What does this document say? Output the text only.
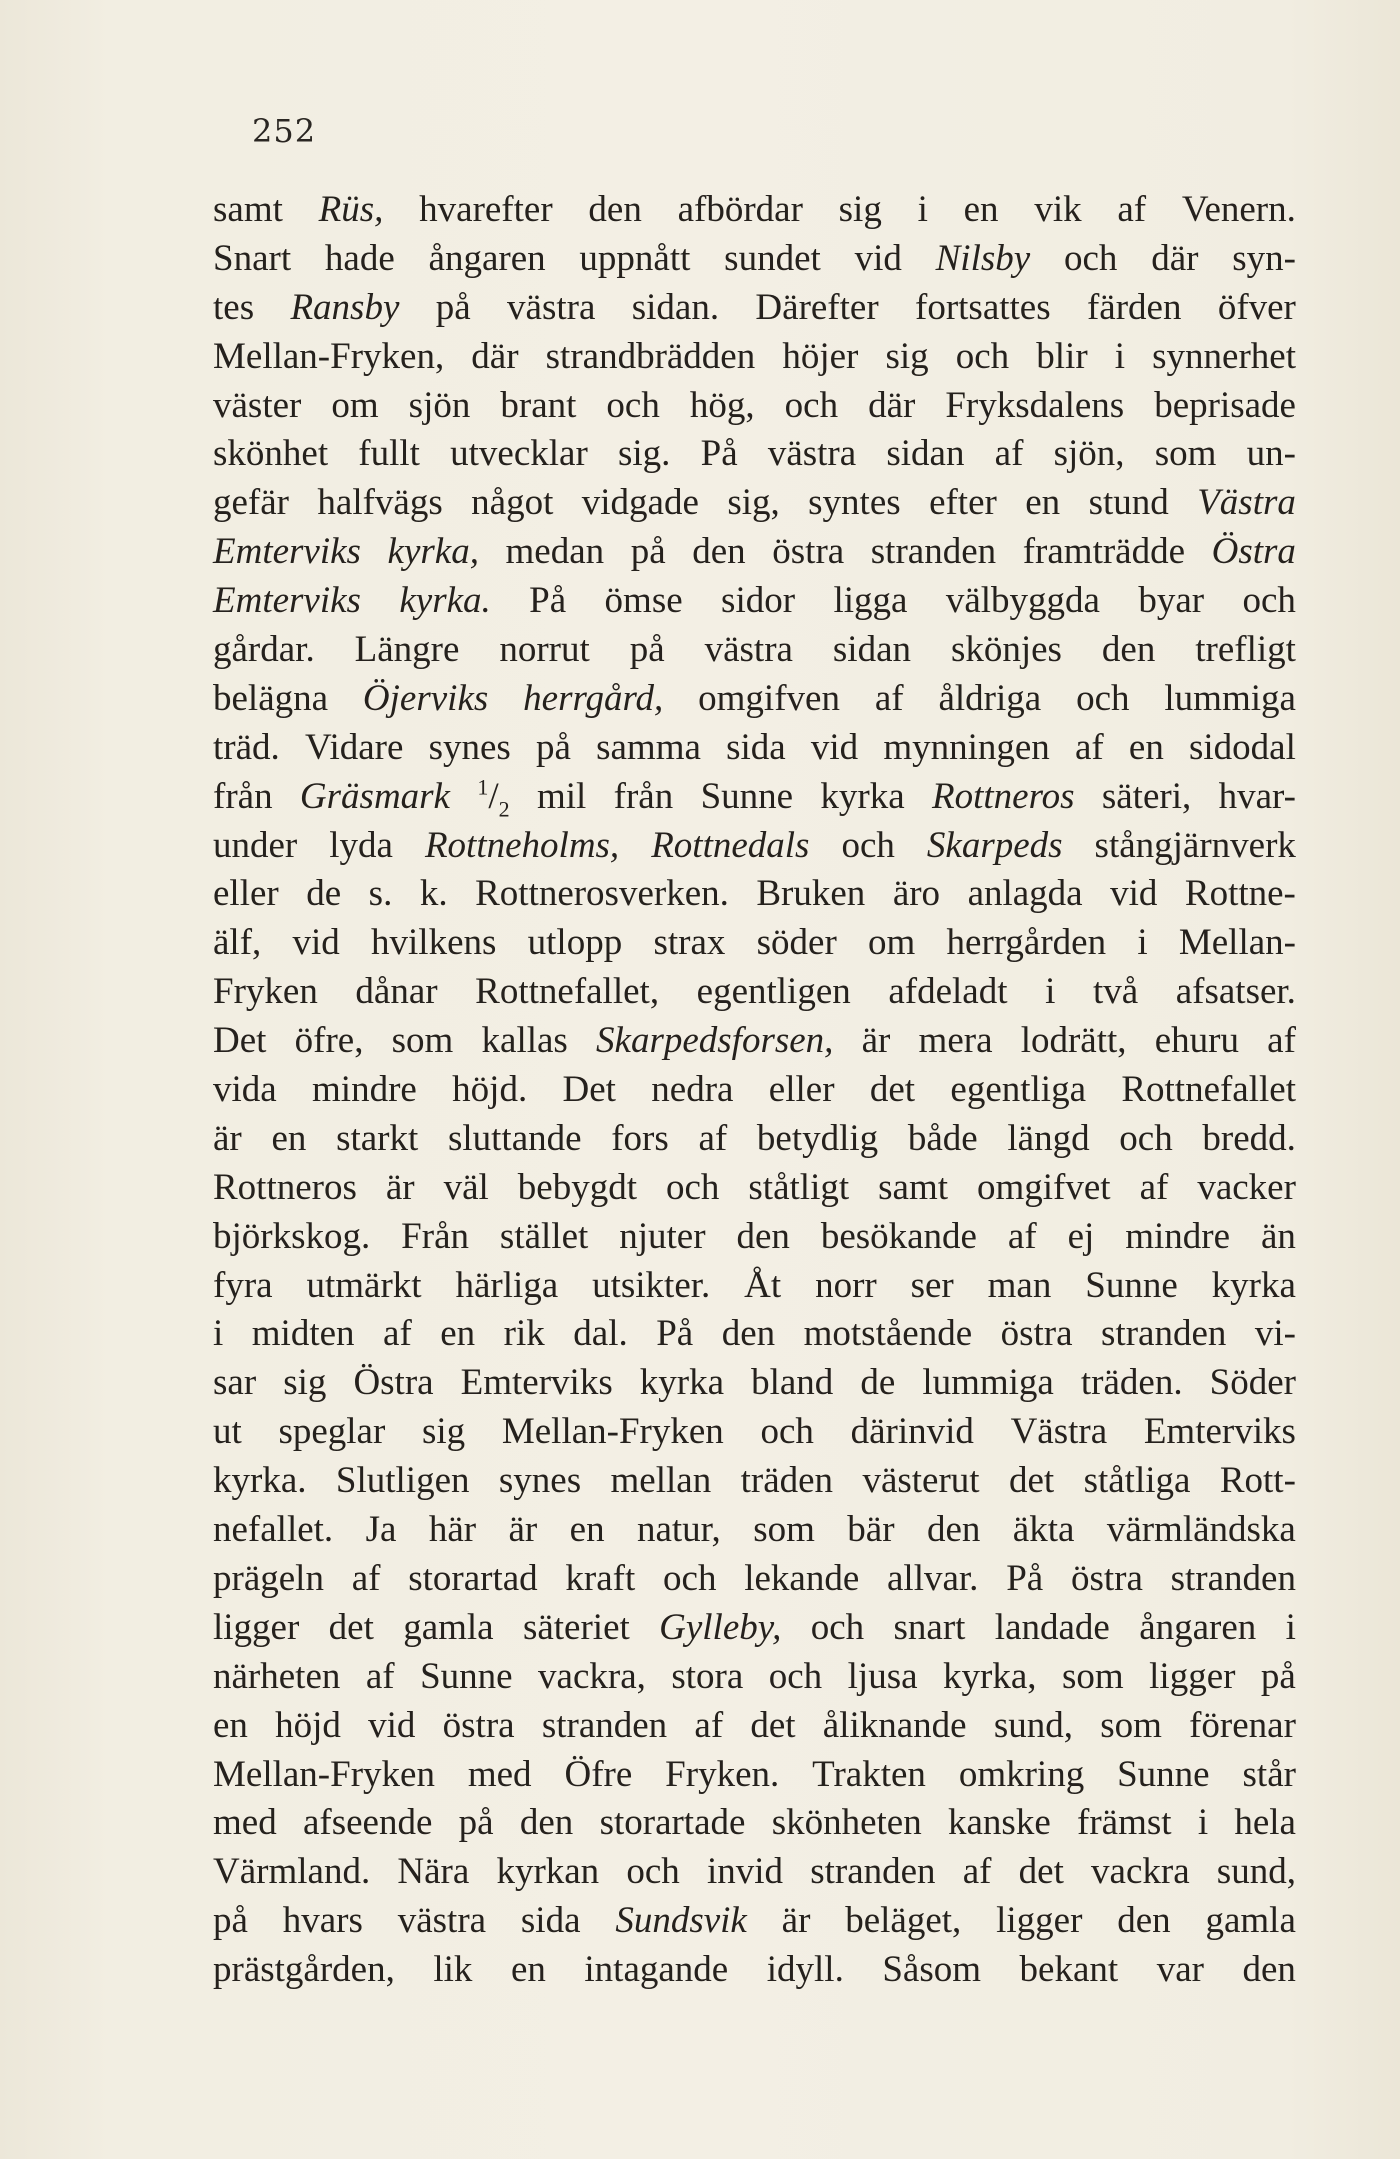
252
samt Rüs, hvarefter den afbördar sig i en vik af Venern.
Snart hade ångaren uppnått sundet vid Nilsby och där syn-
tes Ransby på västra sidan. Därefter fortsattes färden öfver
Mellan-Fryken, där strandbrädden höjer sig och blir i synnerhet
väster om sjön brant och hög, och där Fryksdalens beprisade
skönhet fullt utvecklar sig. På västra sidan af sjön, som un-
gefär halfvägs något vidgade sig, syntes efter en stund Västra
Emterviks kyrka, medan på den östra stranden framträdde Östra
Emterviks kyrka. På ömse sidor ligga välbyggda byar och
gårdar. Längre norrut på västra sidan skönjes den trefligt
belägna Öjerviks herrgård, omgifven af åldriga och lummiga
träd. Vidare synes på samma sida vid mynningen af en sidodal
från Gräsmark $^1/_2$ mil från Sunne kyrka Rottneros säteri, hvar-
under lyda Rottneholms, Rottnedals och Skarpeds stångjärnverk
eller de s. k. Rottnerosverken. Bruken äro anlagda vid Rottne-
älf, vid hvilkens utlopp strax söder om herrgården i Mellan-
Fryken dånar Rottnefallet, egentligen afdeladt i två afsatser.
Det öfre, som kallas Skarpedsforsen, är mera lodrätt, ehuru af
vida mindre höjd. Det nedra eller det egentliga Rottnefallet
är en starkt sluttande fors af betydlig både längd och bredd.
Rottneros är väl bebygdt och ståtligt samt omgifvet af vacker
björkskog. Från stället njuter den besökande af ej mindre än
fyra utmärkt härliga utsikter. Åt norr ser man Sunne kyrka
i midten af en rik dal. På den motstående östra stranden vi-
sar sig Östra Emterviks kyrka bland de lummiga träden. Söder
ut speglar sig Mellan-Fryken och därinvid Västra Emterviks
kyrka. Slutligen synes mellan träden västerut det ståtliga Rott-
nefallet. Ja här är en natur, som bär den äkta värmländska
prägeln af storartad kraft och lekande allvar. På östra stranden
ligger det gamla säteriet Gylleby, och snart landade ångaren i
närheten af Sunne vackra, stora och ljusa kyrka, som ligger på
en höjd vid östra stranden af det åliknande sund, som förenar
Mellan-Fryken med Öfre Fryken. Trakten omkring Sunne står
med afseende på den storartade skönheten kanske främst i hela
Värmland. Nära kyrkan och invid stranden af det vackra sund,
på hvars västra sida Sundsvik är beläget, ligger den gamla
prästgården, lik en intagande idyll. Såsom bekant var den
